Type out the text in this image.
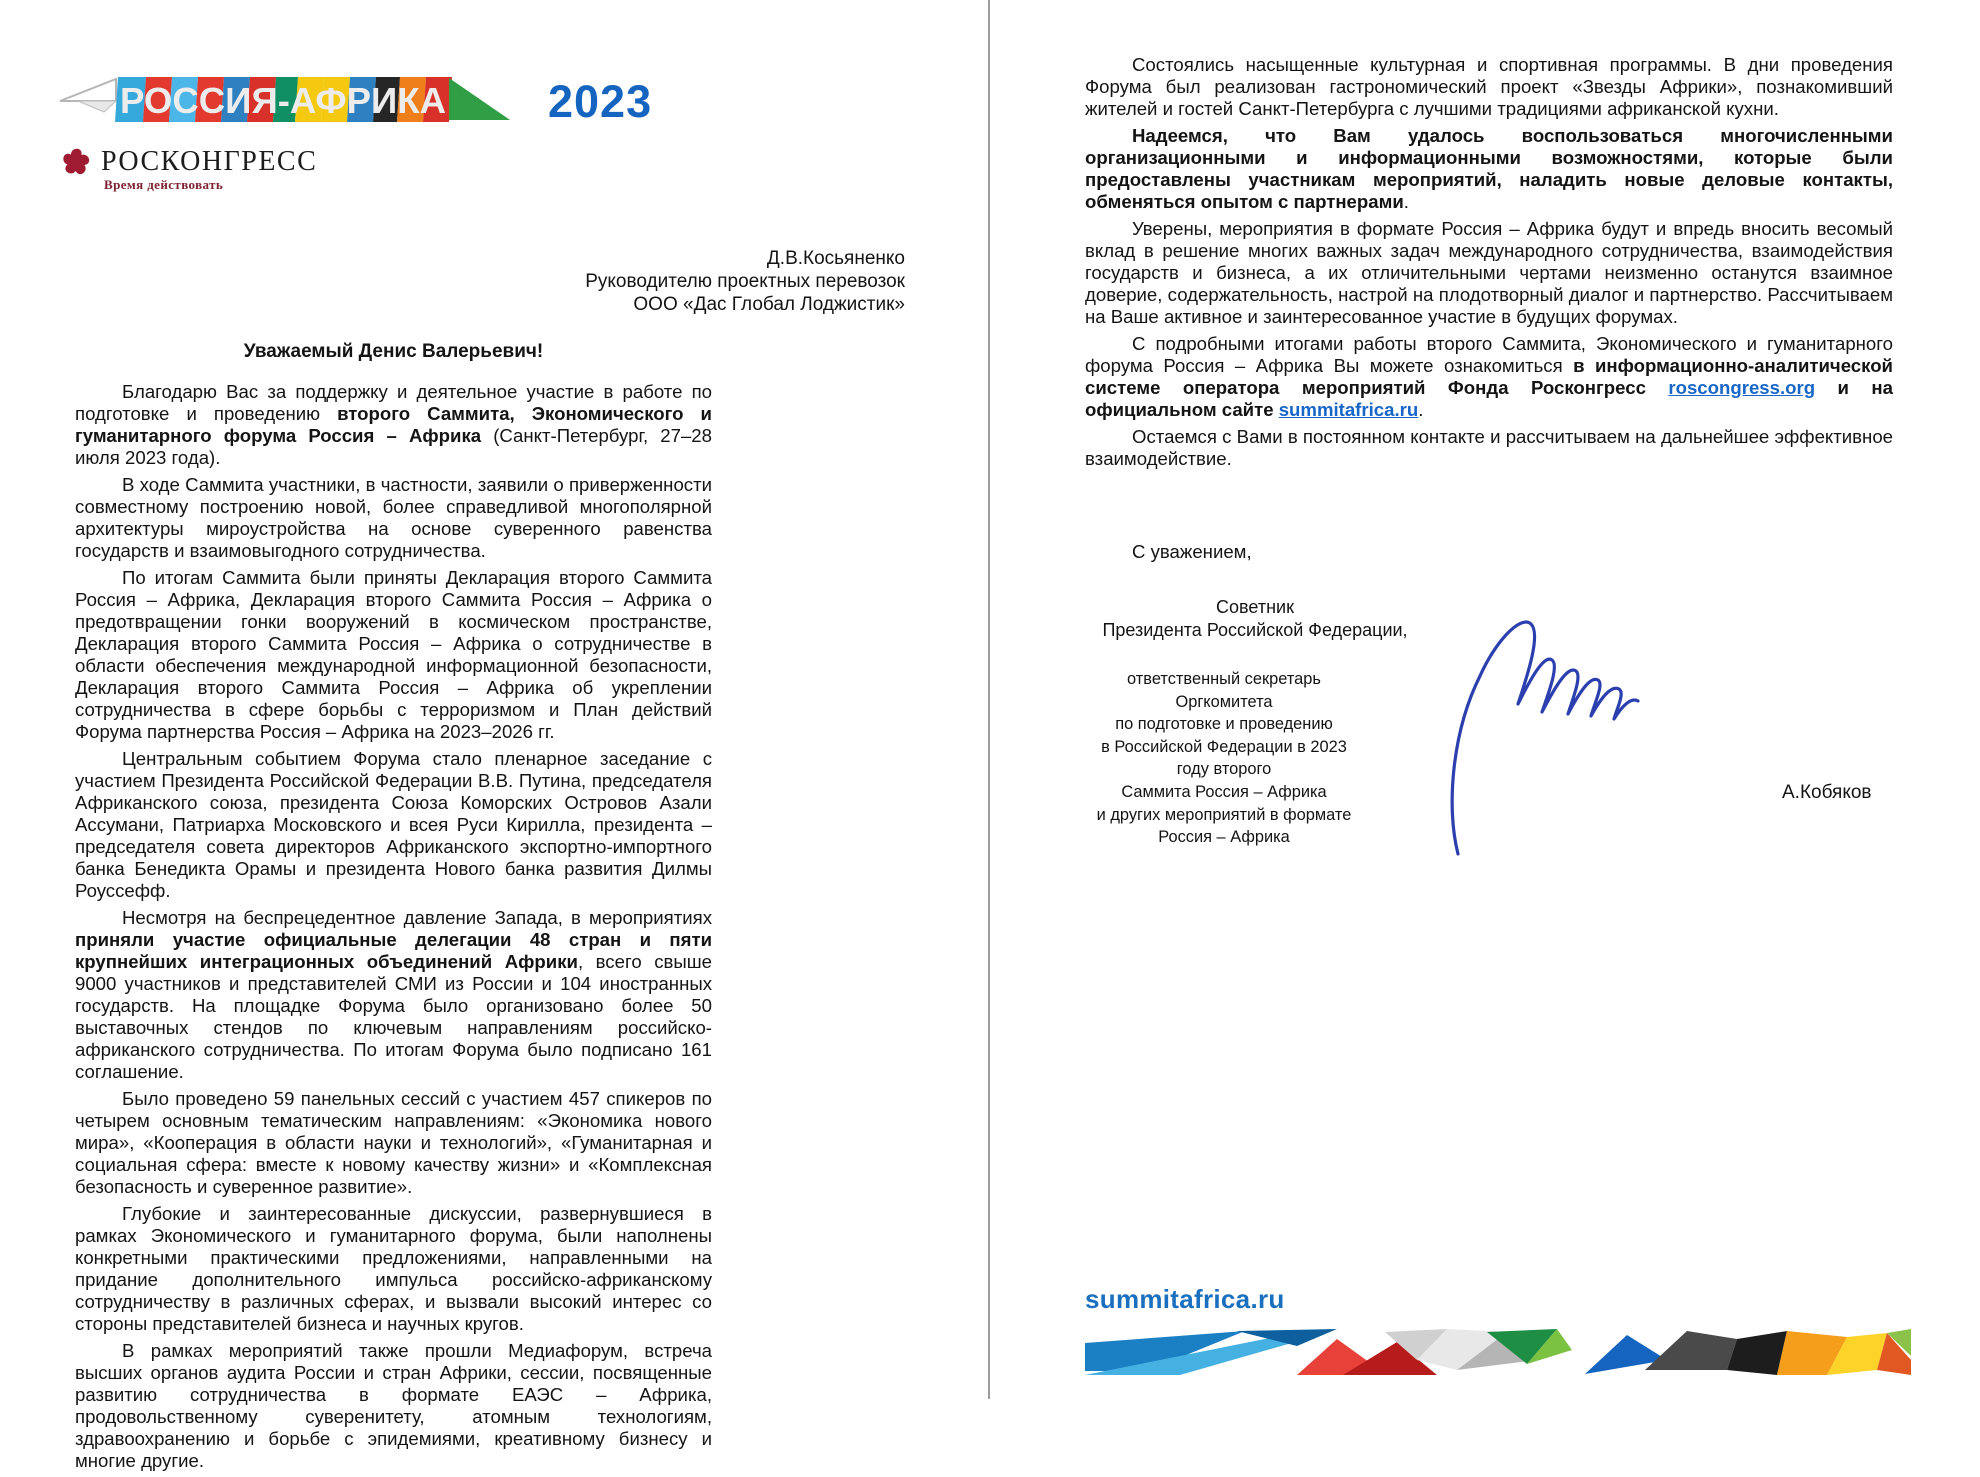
РОССИЯ-АФРИКА 2023
РОСКОНГРЕСС
Время действовать
Д.В.Косьяненко
Руководителю проектных перевозок
ООО «Дас Глобал Лоджистик»
Уважаемый Денис Валерьевич!

Благодарю Вас за поддержку и деятельное участие в работе по подготовке и проведению второго Саммита, Экономического и гуманитарного форума Россия – Африка (Санкт-Петербург, 27–28 июля 2023 года).

В ходе Саммита участники, в частности, заявили о приверженности совместному построению новой, более справедливой многополярной архитектуры мироустройства на основе суверенного равенства государств и взаимовыгодного сотрудничества.

По итогам Саммита были приняты Декларация второго Саммита Россия – Африка, Декларация второго Саммита Россия – Африка о предотвращении гонки вооружений в космическом пространстве, Декларация второго Саммита Россия – Африка о сотрудничестве в области обеспечения международной информационной безопасности, Декларация второго Саммита Россия – Африка об укреплении сотрудничества в сфере борьбы с терроризмом и План действий Форума партнерства Россия – Африка на 2023–2026 гг.

Центральным событием Форума стало пленарное заседание с участием Президента Российской Федерации В.В. Путина, председателя Африканского союза, президента Союза Коморских Островов Азали Ассумани, Патриарха Московского и всея Руси Кирилла, президента – председателя совета директоров Африканского экспортно-импортного банка Бенедикта Орамы и президента Нового банка развития Дилмы Роуссефф.

Несмотря на беспрецедентное давление Запада, в мероприятиях приняли участие официальные делегации 48 стран и пяти крупнейших интеграционных объединений Африки, всего свыше 9000 участников и представителей СМИ из России и 104 иностранных государств. На площадке Форума было организовано более 50 выставочных стендов по ключевым направлениям российско-африканского сотрудничества. По итогам Форума было подписано 161 соглашение.

Было проведено 59 панельных сессий с участием 457 спикеров по четырем основным тематическим направлениям: «Экономика нового мира», «Кооперация в области науки и технологий», «Гуманитарная и социальная сфера: вместе к новому качеству жизни» и «Комплексная безопасность и суверенное развитие».

Глубокие и заинтересованные дискуссии, развернувшиеся в рамках Экономического и гуманитарного форума, были наполнены конкретными практическими предложениями, направленными на придание дополнительного импульса российско-африканскому сотрудничеству в различных сферах, и вызвали высокий интерес со стороны представителей бизнеса и научных кругов.

В рамках мероприятий также прошли Медиафорум, встреча высших органов аудита России и стран Африки, сессии, посвященные развитию сотрудничества в формате ЕАЭС – Африка, продовольственному суверенитету, атомным технологиям, здравоохранению и борьбе с эпидемиями, креативному бизнесу и многие другие.

Состоялись насыщенные культурная и спортивная программы. В дни проведения Форума был реализован гастрономический проект «Звезды Африки», познакомивший жителей и гостей Санкт-Петербурга с лучшими традициями африканской кухни.

Надеемся, что Вам удалось воспользоваться многочисленными организационными и информационными возможностями, которые были предоставлены участникам мероприятий, наладить новые деловые контакты, обменяться опытом с партнерами.

Уверены, мероприятия в формате Россия – Африка будут и впредь вносить весомый вклад в решение многих важных задач международного сотрудничества, взаимодействия государств и бизнеса, а их отличительными чертами неизменно останутся взаимное доверие, содержательность, настрой на плодотворный диалог и партнерство. Рассчитываем на Ваше активное и заинтересованное участие в будущих форумах.

С подробными итогами работы второго Саммита, Экономического и гуманитарного форума Россия – Африка Вы можете ознакомиться в информационно-аналитической системе оператора мероприятий Фонда Росконгресс roscongress.org и на официальном сайте summitafrica.ru.

Остаемся с Вами в постоянном контакте и рассчитываем на дальнейшее эффективное взаимодействие.

С уважением,
Советник
Президента Российской Федерации,
ответственный секретарь Оргкомитета
по подготовке и проведению
в Российской Федерации в 2023 году второго
Саммита Россия – Африка
и других мероприятий в формате
Россия – Африка
А.Кобяков
summitafrica.ru
